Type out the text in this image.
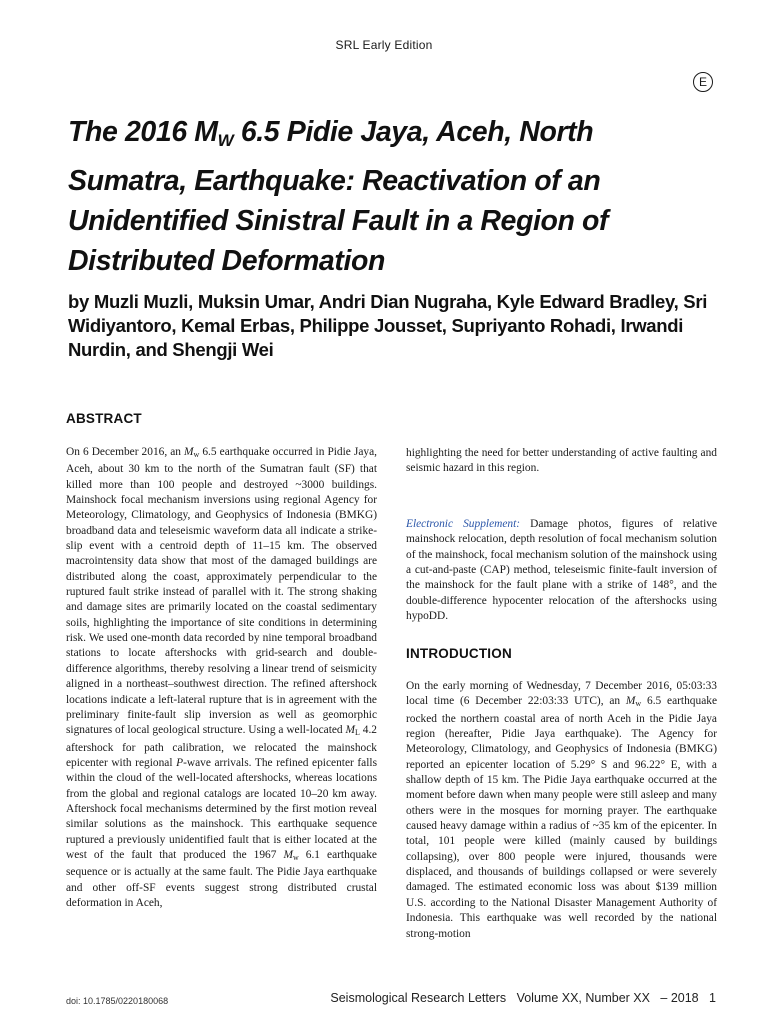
SRL Early Edition
E
The 2016 $M_W$ 6.5 Pidie Jaya, Aceh, North Sumatra, Earthquake: Reactivation of an Unidentified Sinistral Fault in a Region of Distributed Deformation

by Muzli Muzli, Muksin Umar, Andri Dian Nugraha, Kyle Edward Bradley, Sri Widiyantoro, Kemal Erbas, Philippe Jousset, Supriyanto Rohadi, Irwandi Nurdin, and Shengji Wei

ABSTRACT

On 6 December 2016, an Mw 6.5 earthquake occurred in Pidie Jaya, Aceh, about 30 km to the north of the Sumatran fault (SF) that killed more than 100 people and destroyed ~3000 buildings. Mainshock focal mechanism inversions using regional Agency for Meteorology, Climatology, and Geophysics of Indonesia (BMKG) broadband data and teleseismic waveform data all indicate a strike-slip event with a centroid depth of 11–15 km. The observed macrointensity data show that most of the damaged buildings are distributed along the coast, approximately perpendicular to the ruptured fault strike instead of parallel with it. The strong shaking and damage sites are primarily located on the coastal sedimentary soils, highlighting the importance of site conditions in determining risk. We used one-month data recorded by nine temporal broadband stations to locate aftershocks with grid-search and double-difference algorithms, thereby resolving a linear trend of seismicity aligned in a northeast–southwest direction. The refined aftershock locations indicate a left-lateral rupture that is in agreement with the preliminary finite-fault slip inversion as well as geomorphic signatures of local geological structure. Using a well-located ML 4.2 aftershock for path calibration, we relocated the mainshock epicenter with regional P-wave arrivals. The refined epicenter falls within the cloud of the well-located aftershocks, whereas locations from the global and regional catalogs are located 10–20 km away. Aftershock focal mechanisms determined by the first motion reveal similar solutions as the mainshock. This earthquake sequence ruptured a previously unidentified fault that is either located at the west of the fault that produced the 1967 Mw 6.1 earthquake sequence or is actually at the same fault. The Pidie Jaya earthquake and other off-SF events suggest strong distributed crustal deformation in Aceh,

highlighting the need for better understanding of active faulting and seismic hazard in this region.

Electronic Supplement: Damage photos, figures of relative mainshock relocation, depth resolution of focal mechanism solution of the mainshock, focal mechanism solution of the mainshock using a cut-and-paste (CAP) method, teleseismic finite-fault inversion of the mainshock for the fault plane with a strike of 148°, and the double-difference hypocenter relocation of the aftershocks using hypoDD.

INTRODUCTION

On the early morning of Wednesday, 7 December 2016, 05:03:33 local time (6 December 22:03:33 UTC), an Mw 6.5 earthquake rocked the northern coastal area of north Aceh in the Pidie Jaya region (hereafter, Pidie Jaya earthquake). The Agency for Meteorology, Climatology, and Geophysics of Indonesia (BMKG) reported an epicenter location of 5.29° S and 96.22° E, with a shallow depth of 15 km. The Pidie Jaya earthquake occurred at the moment before dawn when many people were still asleep and many others were in the mosques for morning prayer. The earthquake caused heavy damage within a radius of ~35 km of the epicenter. In total, 101 people were killed (mainly caused by buildings collapsing), over 800 people were injured, thousands were displaced, and thousands of buildings collapsed or were severely damaged. The estimated economic loss was about $139 million U.S. according to the National Disaster Management Authority of Indonesia. This earthquake was well recorded by the national strong-motion

doi: 10.1785/0220180068	Seismological Research Letters   Volume XX, Number XX   – 2018   1
